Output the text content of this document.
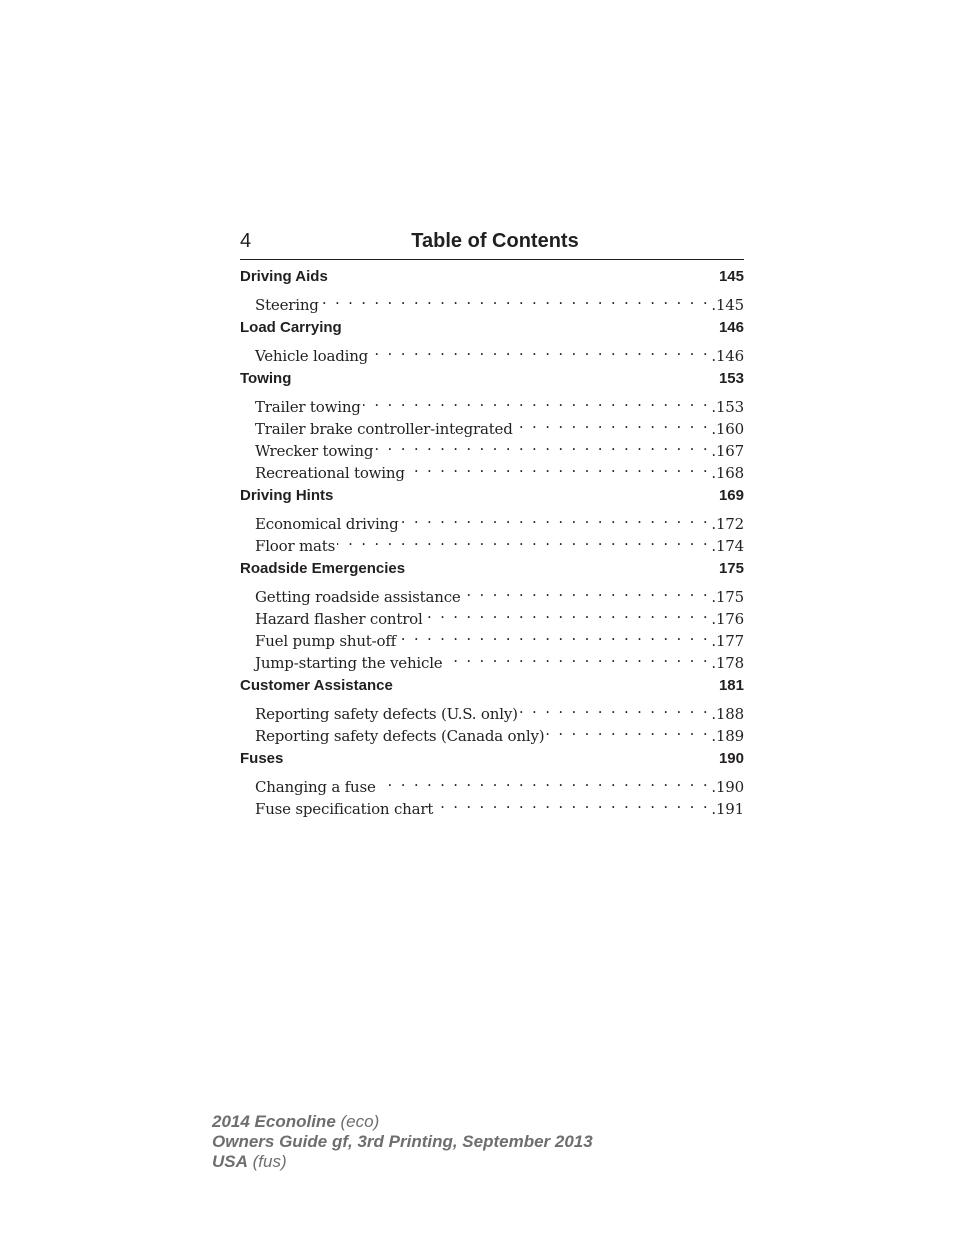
4	Table of Contents
Driving Aids	145
Steering . . .	.145
Load Carrying	146
Vehicle loading . . .	.146
Towing	153
Trailer towing . . .	.153
Trailer brake controller-integrated . . .	.160
Wrecker towing . . .	.167
Recreational towing . . .	.168
Driving Hints	169
Economical driving . . .	.172
Floor mats . . .	.174
Roadside Emergencies	175
Getting roadside assistance . . .	.175
Hazard flasher control . . .	.176
Fuel pump shut-off . . .	.177
Jump-starting the vehicle . . .	.178
Customer Assistance	181
Reporting safety defects (U.S. only) . . .	.188
Reporting safety defects (Canada only) . . .	.189
Fuses	190
Changing a fuse . . .	.190
Fuse specification chart . . .	.191
2014 Econoline (eco)
Owners Guide gf, 3rd Printing, September 2013
USA (fus)
